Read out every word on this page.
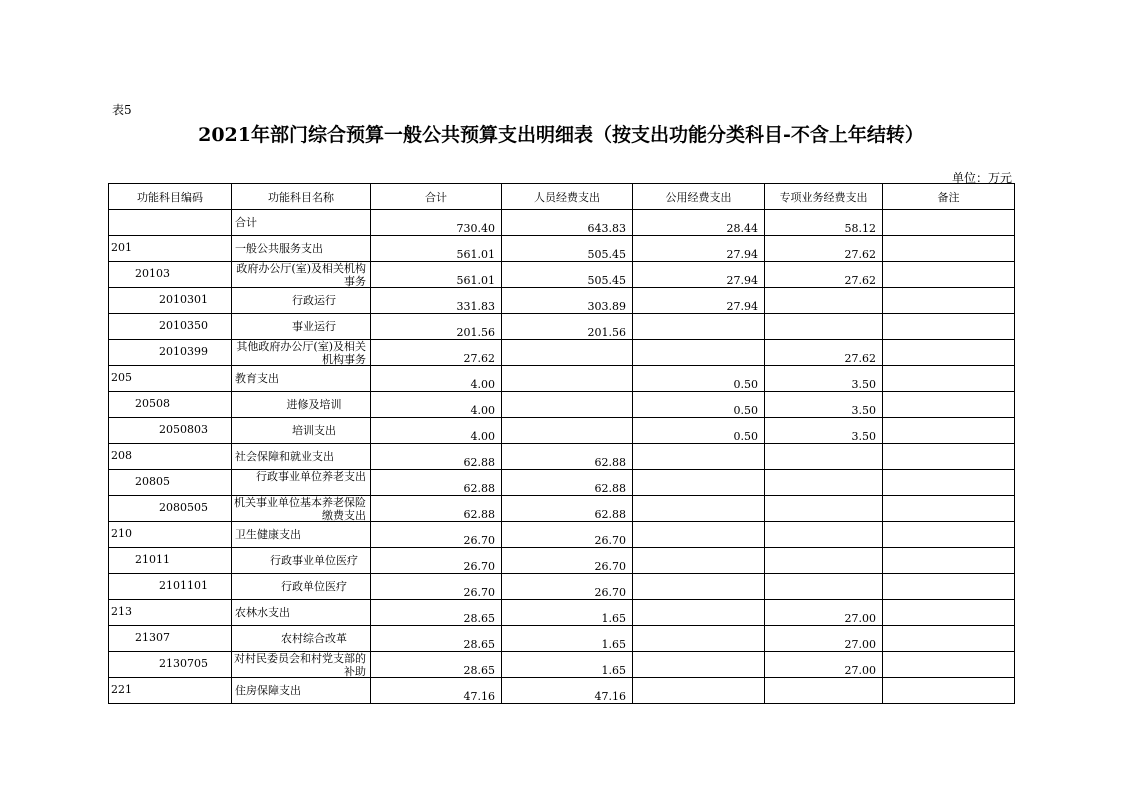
表5
2021年部门综合预算一般公共预算支出明细表（按支出功能分类科目-不含上年结转）
单位：万元
功能科目编码	功能科目名称	合计	人员经费支出	公用经费支出	专项业务经费支出	备注

合计	730.40	643.83	28.44	58.12	

201	一般公共服务支出	561.01	505.45	27.94	27.62	

20103	政府办公厅(室)及相关机构事务	561.01	505.45	27.94	27.62	

2010301	行政运行	331.83	303.89	27.94		

2010350	事业运行	201.56	201.56			

2010399	其他政府办公厅(室)及相关机构事务	27.62			27.62	

205	教育支出	4.00		0.50	3.50	

20508	进修及培训	4.00		0.50	3.50	

2050803	培训支出	4.00		0.50	3.50	

208	社会保障和就业支出	62.88	62.88			

20805	行政事业单位养老支出	62.88	62.88			

2080505	机关事业单位基本养老保险缴费支出	62.88	62.88			

210	卫生健康支出	26.70	26.70			

21011	行政事业单位医疗	26.70	26.70			

2101101	行政单位医疗	26.70	26.70			

213	农林水支出	28.65	1.65		27.00	

21307	农村综合改革	28.65	1.65		27.00	

2130705	对村民委员会和村党支部的补助	28.65	1.65		27.00	

221	住房保障支出	47.16	47.16			
